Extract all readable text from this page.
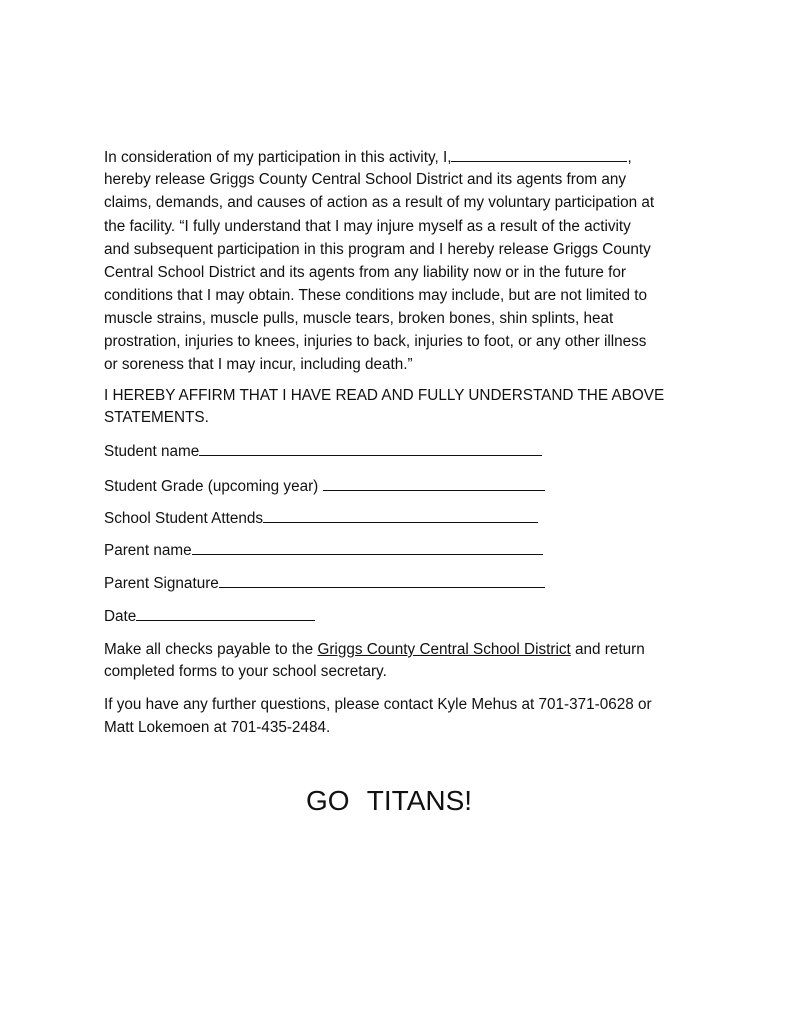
In consideration of my participation in this activity, I,	,
hereby release Griggs County Central School District and its agents from any
claims, demands, and causes of action as a result of my voluntary participation at
the facility. “I fully understand that I may injure myself as a result of the activity
and subsequent participation in this program and I hereby release Griggs County
Central School District and its agents from any liability now or in the future for
conditions that I may obtain. These conditions may include, but are not limited to
muscle strains, muscle pulls, muscle tears, broken bones, shin splints, heat
prostration, injuries to knees, injuries to back, injuries to foot, or any other illness
or soreness that I may incur, including death.”
I HEREBY AFFIRM THAT I HAVE READ AND FULLY UNDERSTAND THE ABOVE
STATEMENTS.
Student name
Student Grade (upcoming year)
School Student Attends
Parent name
Parent Signature
Date
Make all checks payable to the Griggs County Central School District and return
completed forms to your school secretary.
If you have any further questions, please contact Kyle Mehus at 701-371-0628 or
Matt Lokemoen at 701-435-2484.
GO TITANS!
